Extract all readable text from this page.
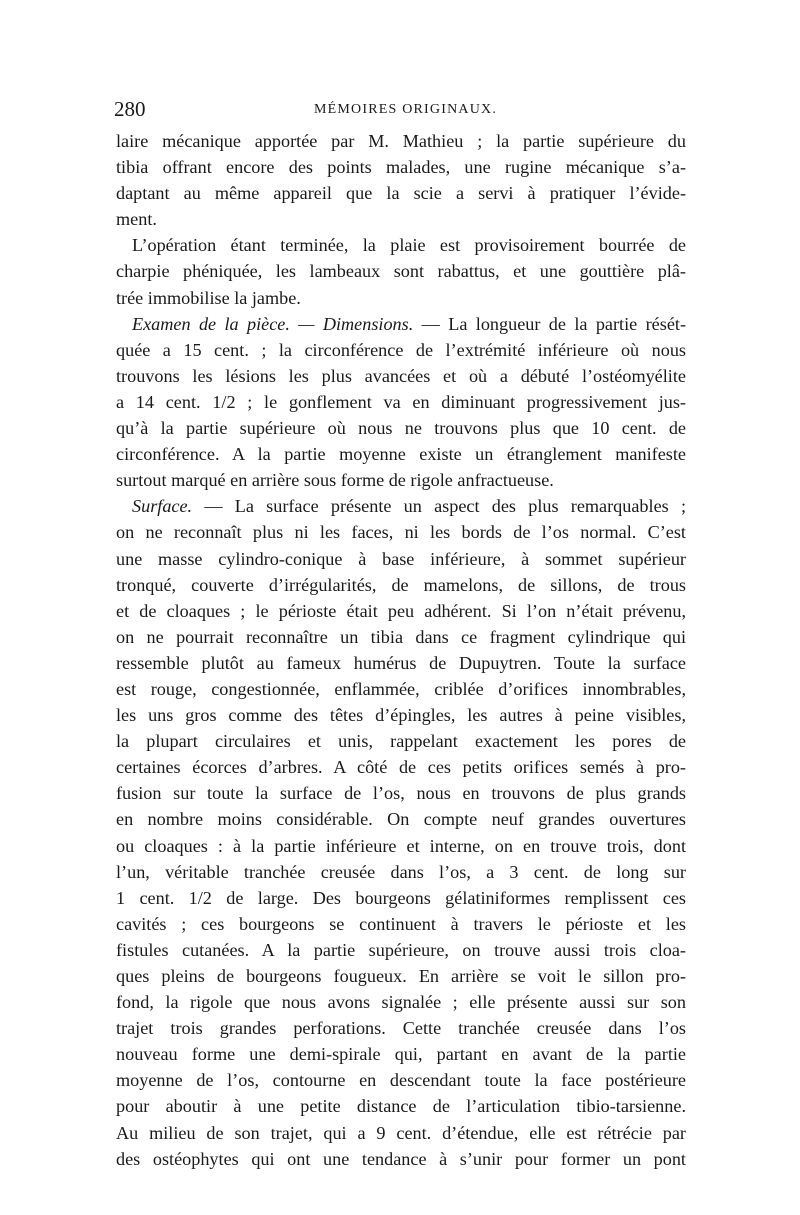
280	MÉMOIRES ORIGINAUX.
laire mécanique apportée par M. Mathieu ; la partie supérieure du
tibia offrant encore des points malades, une rugine mécanique s’a-
daptant au même appareil que la scie a servi à pratiquer l’évide-
ment.
L’opération étant terminée, la plaie est provisoirement bourrée de
charpie phéniquée, les lambeaux sont rabattus, et une gouttière plâ-
trée immobilise la jambe.
Examen de la pièce. — Dimensions. — La longueur de la partie rését-
quée a 15 cent. ; la circonférence de l’extrémité inférieure où nous
trouvons les lésions les plus avancées et où a débuté l’ostéomyélite
a 14 cent. 1/2 ; le gonflement va en diminuant progressivement jus-
qu’à la partie supérieure où nous ne trouvons plus que 10 cent. de
circonférence. A la partie moyenne existe un étranglement manifeste
surtout marqué en arrière sous forme de rigole anfractueuse.
Surface. — La surface présente un aspect des plus remarquables ;
on ne reconnaît plus ni les faces, ni les bords de l’os normal. C’est
une masse cylindro-conique à base inférieure, à sommet supérieur
tronqué, couverte d’irrégularités, de mamelons, de sillons, de trous
et de cloaques ; le périoste était peu adhérent. Si l’on n’était prévenu,
on ne pourrait reconnaître un tibia dans ce fragment cylindrique qui
ressemble plutôt au fameux humérus de Dupuytren. Toute la surface
est rouge, congestionnée, enflammée, criblée d’orifices innombrables,
les uns gros comme des têtes d’épingles, les autres à peine visibles,
la plupart circulaires et unis, rappelant exactement les pores de
certaines écorces d’arbres. A côté de ces petits orifices semés à pro-
fusion sur toute la surface de l’os, nous en trouvons de plus grands
en nombre moins considérable. On compte neuf grandes ouvertures
ou cloaques : à la partie inférieure et interne, on en trouve trois, dont
l’un, véritable tranchée creusée dans l’os, a 3 cent. de long sur
1 cent. 1/2 de large. Des bourgeons gélatiniformes remplissent ces
cavités ; ces bourgeons se continuent à travers le périoste et les
fistules cutanées. A la partie supérieure, on trouve aussi trois cloa-
ques pleins de bourgeons fougueux. En arrière se voit le sillon pro-
fond, la rigole que nous avons signalée ; elle présente aussi sur son
trajet trois grandes perforations. Cette tranchée creusée dans l’os
nouveau forme une demi-spirale qui, partant en avant de la partie
moyenne de l’os, contourne en descendant toute la face postérieure
pour aboutir à une petite distance de l’articulation tibio-tarsienne.
Au milieu de son trajet, qui a 9 cent. d’étendue, elle est rétrécie par
des ostéophytes qui ont une tendance à s’unir pour former un pont
